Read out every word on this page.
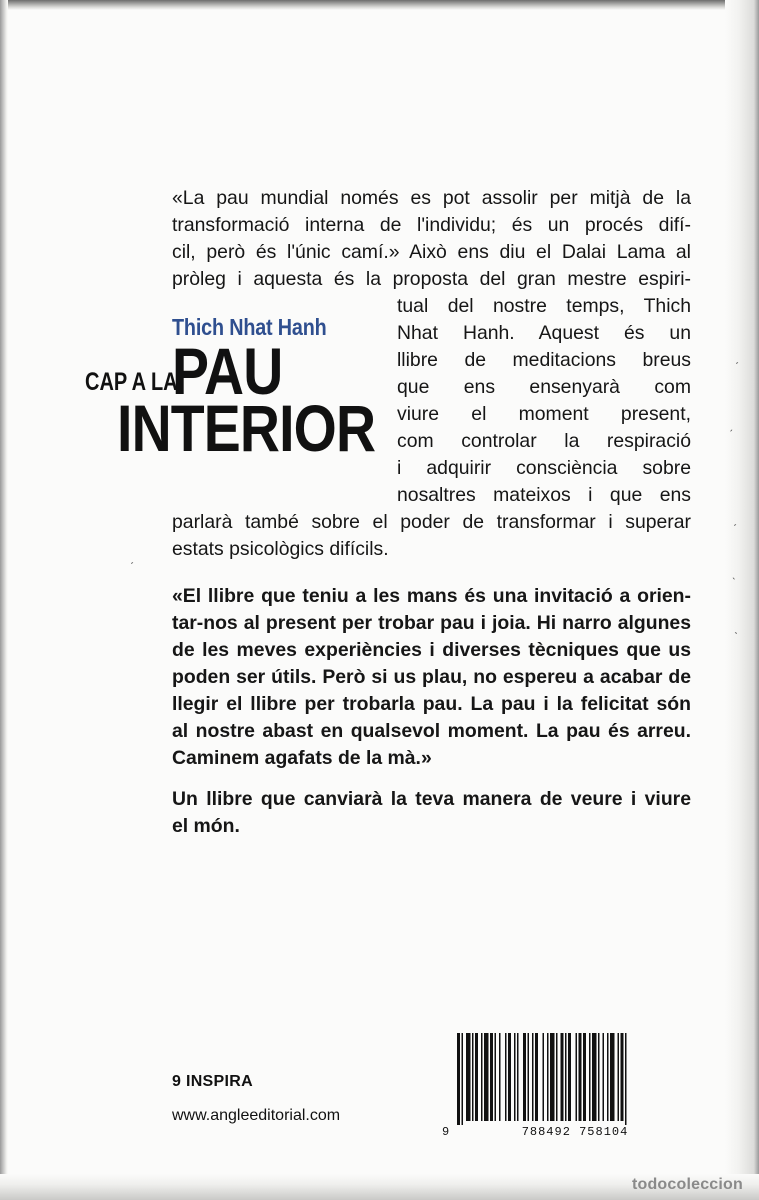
ˊ
ˏ
ˊ
ˊ	ˎ
ˋ
«La pau mundial només es pot assolir per mitjà de la
transformació interna de l'individu; és un procés difí-
cil, però és l'únic camí.» Això ens diu el Dalai Lama al
pròleg i aquesta és la proposta del gran mestre espiri-
tual del nostre temps, Thich
Nhat Hanh. Aquest és un
llibre de meditacions breus
que ens ensenyarà com
viure el moment present,
com controlar la respiració
i adquirir consciència sobre
nosaltres mateixos i que ens
parlarà també sobre el poder de transformar i superar
estats psicològics difícils.
Thich Nhat Hanh
PAU
CAP A LA
INTERIOR
«El llibre que teniu a les mans és una invitació a orien-
tar-nos al present per trobar pau i joia. Hi narro algunes
de les meves experiències i diverses tècniques que us
poden ser útils. Però si us plau, no espereu a acabar de
llegir el llibre per trobarla pau. La pau i la felicitat són
al nostre abast en qualsevol moment. La pau és arreu.
Caminem agafats de la mà.»
Un llibre que canviarà la teva manera de veure i viure
el món.
9 INSPIRA
www.angleeditorial.com
9	788492 758104
todocoleccion
